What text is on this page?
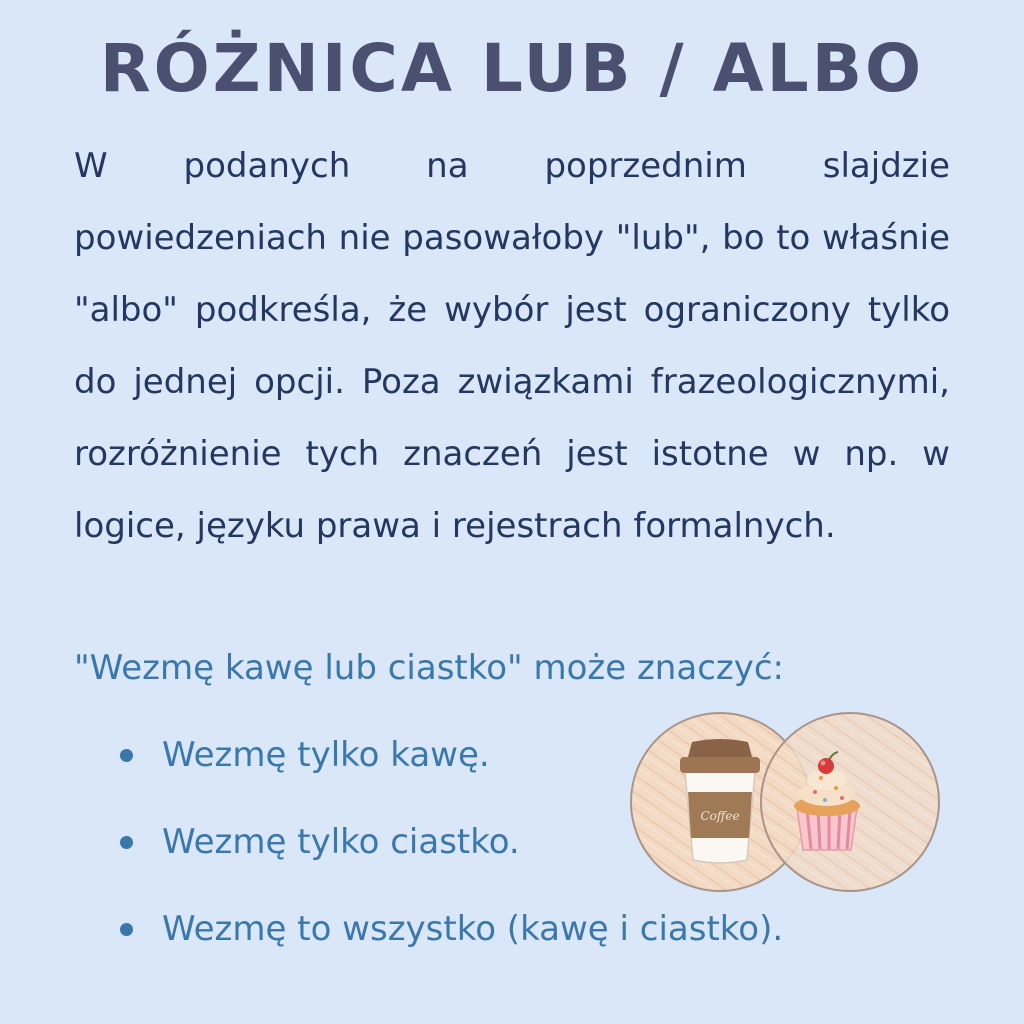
RÓŻNICA LUB / ALBO
W podanych na poprzednim slajdzie powiedzeniach nie pasowałoby "lub", bo to właśnie "albo" podkreśla, że wybór jest ograniczony tylko do jednej opcji. Poza związkami frazeologicznymi, rozróżnienie tych znaczeń jest istotne w np. w logice, języku prawa i rejestrach formalnych.
"Wezmę kawę lub ciastko" może znaczyć:
Wezmę tylko kawę.
Wezmę tylko ciastko.
Wezmę to wszystko (kawę i ciastko).
Coffee
